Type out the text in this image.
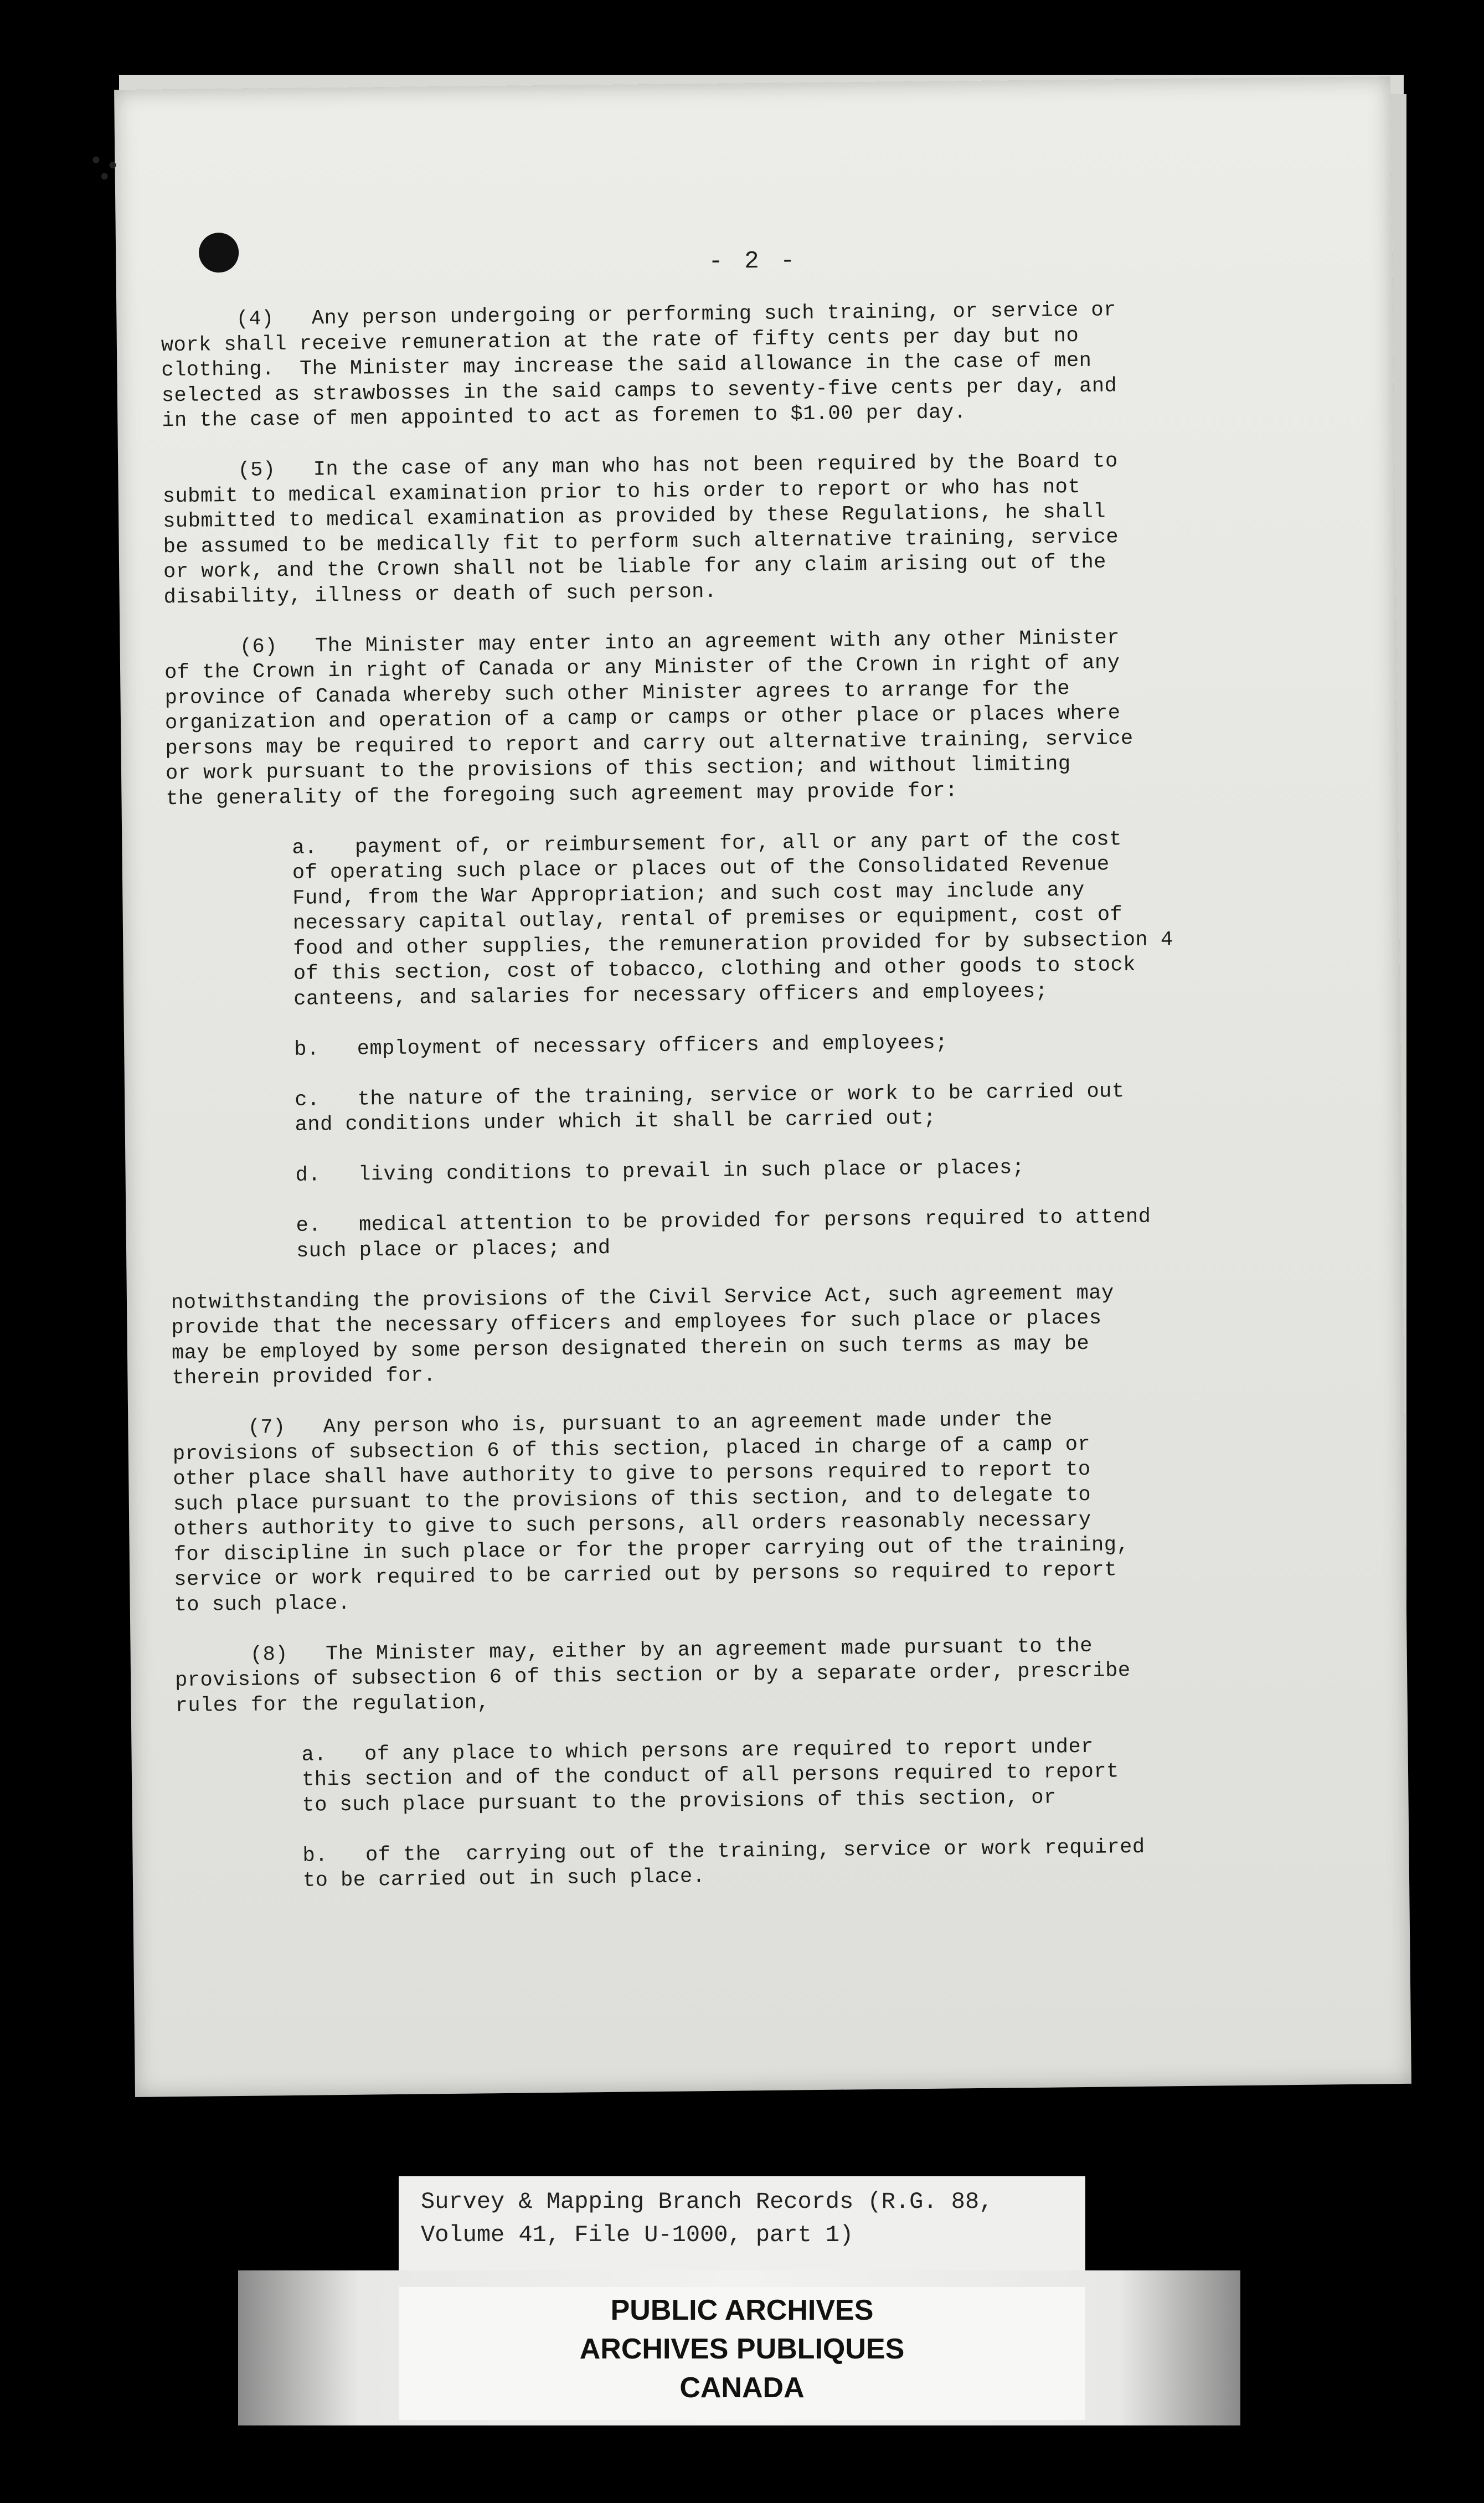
- 2 -
(4)   Any person undergoing or performing such training, or service or
work shall receive remuneration at the rate of fifty cents per day but no
clothing.  The Minister may increase the said allowance in the case of men
selected as strawbosses in the said camps to seventy-five cents per day, and
in the case of men appointed to act as foremen to $1.00 per day.
(5)   In the case of any man who has not been required by the Board to
submit to medical examination prior to his order to report or who has not
submitted to medical examination as provided by these Regulations, he shall
be assumed to be medically fit to perform such alternative training, service
or work, and the Crown shall not be liable for any claim arising out of the
disability, illness or death of such person.
(6)   The Minister may enter into an agreement with any other Minister
of the Crown in right of Canada or any Minister of the Crown in right of any
province of Canada whereby such other Minister agrees to arrange for the
organization and operation of a camp or camps or other place or places where
persons may be required to report and carry out alternative training, service
or work pursuant to the provisions of this section; and without limiting
the generality of the foregoing such agreement may provide for:
a.   payment of, or reimbursement for, all or any part of the cost
of operating such place or places out of the Consolidated Revenue
Fund, from the War Appropriation; and such cost may include any
necessary capital outlay, rental of premises or equipment, cost of
food and other supplies, the remuneration provided for by subsection 4
of this section, cost of tobacco, clothing and other goods to stock
canteens, and salaries for necessary officers and employees;
b.   employment of necessary officers and employees;
c.   the nature of the training, service or work to be carried out
and conditions under which it shall be carried out;
d.   living conditions to prevail in such place or places;
e.   medical attention to be provided for persons required to attend
such place or places; and
notwithstanding the provisions of the Civil Service Act, such agreement may
provide that the necessary officers and employees for such place or places
may be employed by some person designated therein on such terms as may be
therein provided for.
(7)   Any person who is, pursuant to an agreement made under the
provisions of subsection 6 of this section, placed in charge of a camp or
other place shall have authority to give to persons required to report to
such place pursuant to the provisions of this section, and to delegate to
others authority to give to such persons, all orders reasonably necessary
for discipline in such place or for the proper carrying out of the training,
service or work required to be carried out by persons so required to report
to such place.
(8)   The Minister may, either by an agreement made pursuant to the
provisions of subsection 6 of this section or by a separate order, prescribe
rules for the regulation,
a.   of any place to which persons are required to report under
this section and of the conduct of all persons required to report
to such place pursuant to the provisions of this section, or
b.   of the  carrying out of the training, service or work required
to be carried out in such place.
Survey & Mapping Branch Records (R.G. 88,
Volume 41, File U-1000, part 1)
PUBLIC ARCHIVES
ARCHIVES PUBLIQUES
CANADA
